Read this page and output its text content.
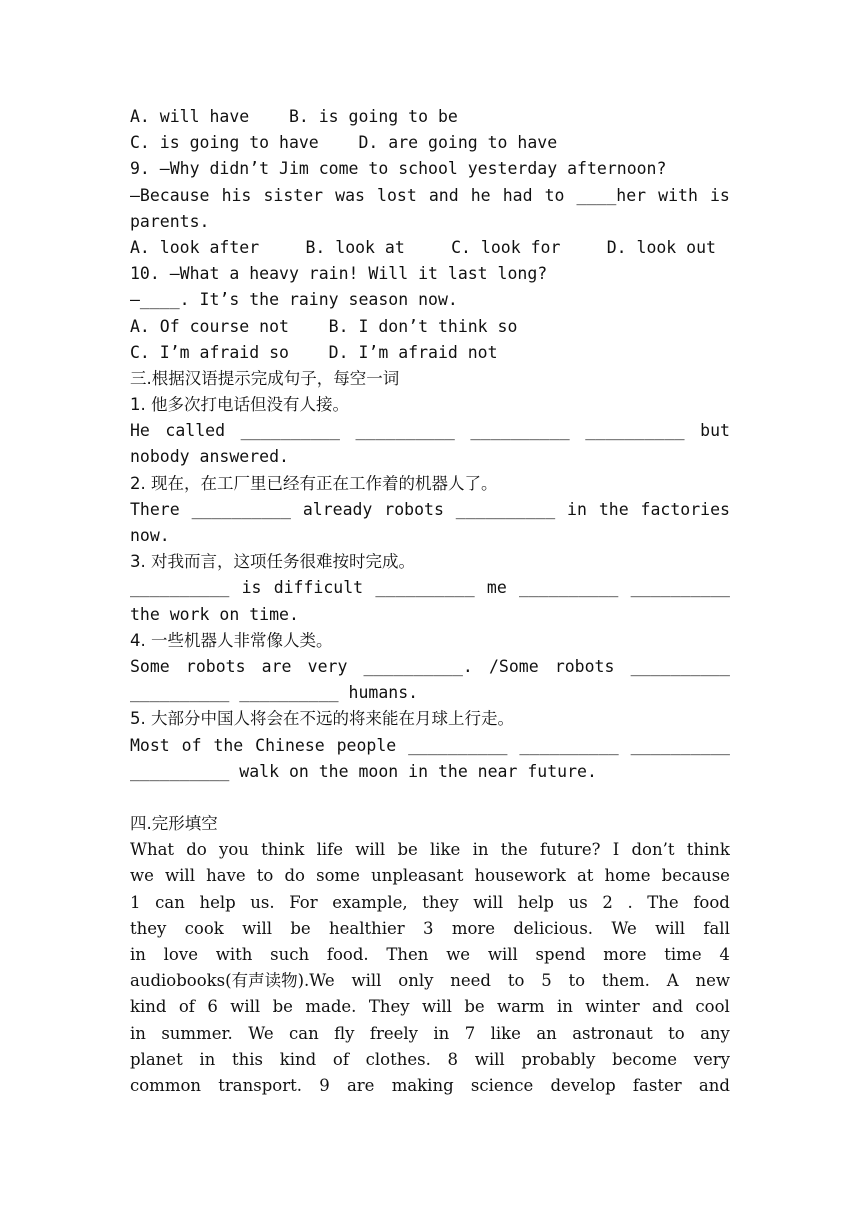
A. will have    B. is going to be
C. is going to have    D. are going to have
9. —Why didn’t Jim come to school yesterday afternoon?
—Because his sister was lost and he had to ____her with is
parents.
A. look after	B. look at	C. look for	D. look out
10. —What a heavy rain! Will it last long?
—____. It’s the rainy season now.
A. Of course not    B. I don’t think so
C. I’m afraid so    D. I’m afraid not
三.根据汉语提示完成句子，每空一词
1. 他多次打电话但没有人接。
He called __________ __________ __________ __________ but
nobody answered.
2. 现在，在工厂里已经有正在工作着的机器人了。
There __________ already robots __________ in the factories
now.
3. 对我而言，这项任务很难按时完成。
__________ is difficult __________ me __________ __________
the work on time.
4. 一些机器人非常像人类。
Some robots are very __________. /Some robots __________
__________ __________ humans.
5. 大部分中国人将会在不远的将来能在月球上行走。
Most of the Chinese people __________ __________ __________
__________ walk on the moon in the near future.
四.完形填空
What do you think life will be like in the future? I don’t think
we will have to do some unpleasant housework at home because
1 can help us. For example, they will help us 2 . The food
they cook will be healthier 3 more delicious. We will fall
in love with such food. Then we will spend more time 4
audiobooks(有声读物).We will only need to 5 to them. A new
kind of 6 will be made. They will be warm in winter and cool
in summer. We can fly freely in 7 like an astronaut to any
planet in this kind of clothes. 8 will probably become very
common transport. 9 are making science develop faster and
